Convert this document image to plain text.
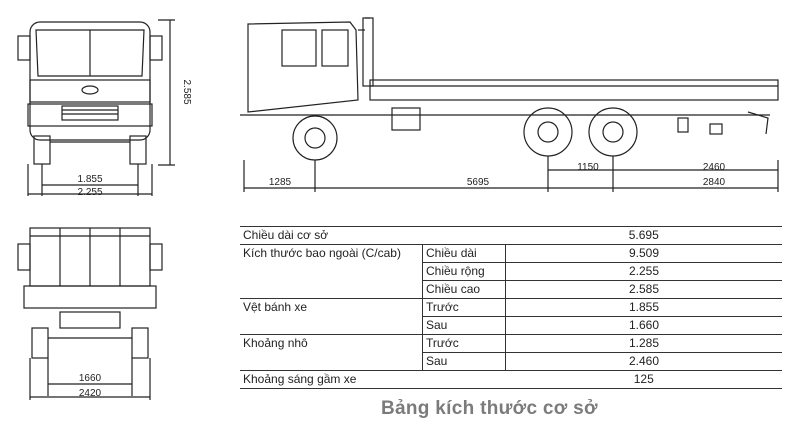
2.585
1.855
2.255
1285	5695
1150	2460
2840
1660
2420
Chiều dài cơ sở		5.695
Kích thước bao ngoài (C/cab)	Chiều dài	9.509
	Chiều rộng	2.255
	Chiều cao	2.585
Vệt bánh xe	Trước	1.855
	Sau	1.660
Khoảng nhô	Trước	1.285
	Sau	2.460
Khoảng sáng gầm xe		125
Bảng kích thước cơ sở
